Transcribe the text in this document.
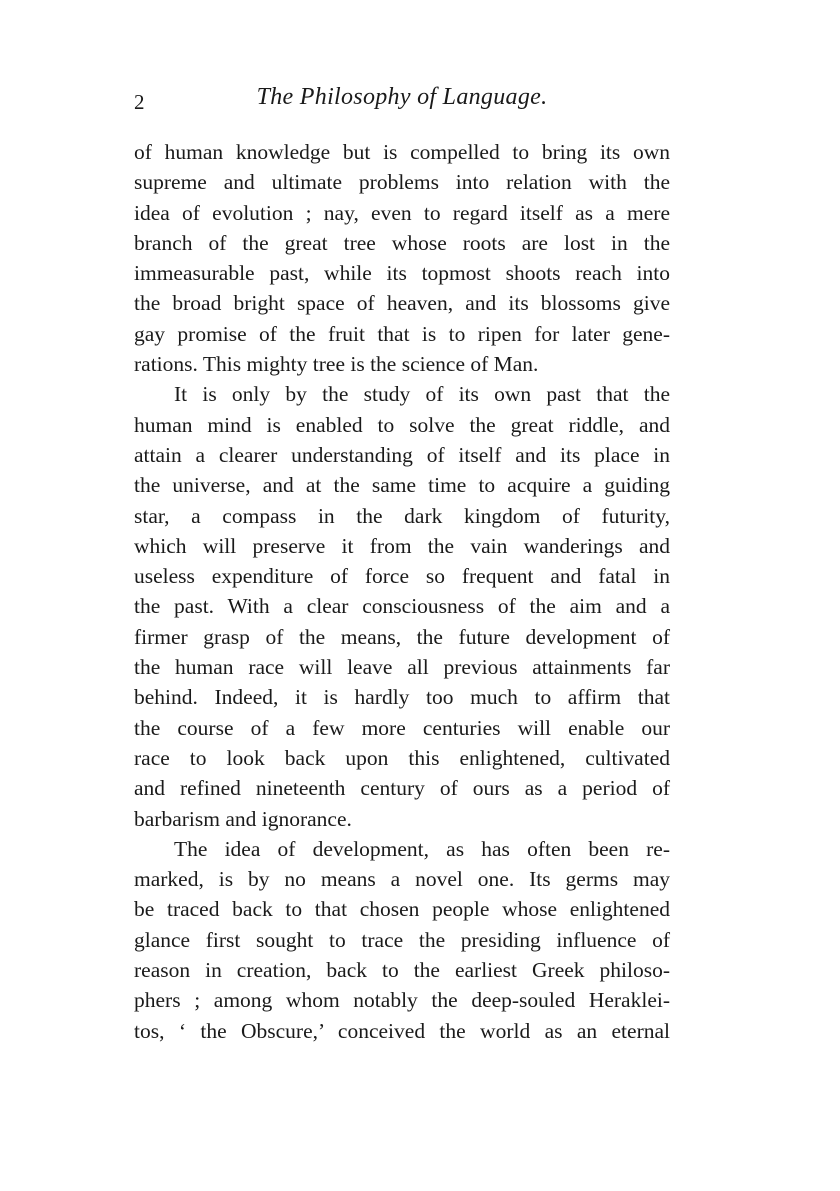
2	The Philosophy of Language.
of human knowledge but is compelled to bring its own
supreme and ultimate problems into relation with the
idea of evolution ; nay, even to regard itself as a mere
branch of the great tree whose roots are lost in the
immeasurable past, while its topmost shoots reach into
the broad bright space of heaven, and its blossoms give
gay promise of the fruit that is to ripen for later gene-
rations. This mighty tree is the science of Man.
It is only by the study of its own past that the
human mind is enabled to solve the great riddle, and
attain a clearer understanding of itself and its place in
the universe, and at the same time to acquire a guiding
star, a compass in the dark kingdom of futurity,
which will preserve it from the vain wanderings and
useless expenditure of force so frequent and fatal in
the past. With a clear consciousness of the aim and a
firmer grasp of the means, the future development of
the human race will leave all previous attainments far
behind. Indeed, it is hardly too much to affirm that
the course of a few more centuries will enable our
race to look back upon this enlightened, cultivated
and refined nineteenth century of ours as a period of
barbarism and ignorance.
The idea of development, as has often been re-
marked, is by no means a novel one. Its germs may
be traced back to that chosen people whose enlightened
glance first sought to trace the presiding influence of
reason in creation, back to the earliest Greek philoso-
phers ; among whom notably the deep-souled Heraklei-
tos, ‘ the Obscure,’ conceived the world as an eternal
